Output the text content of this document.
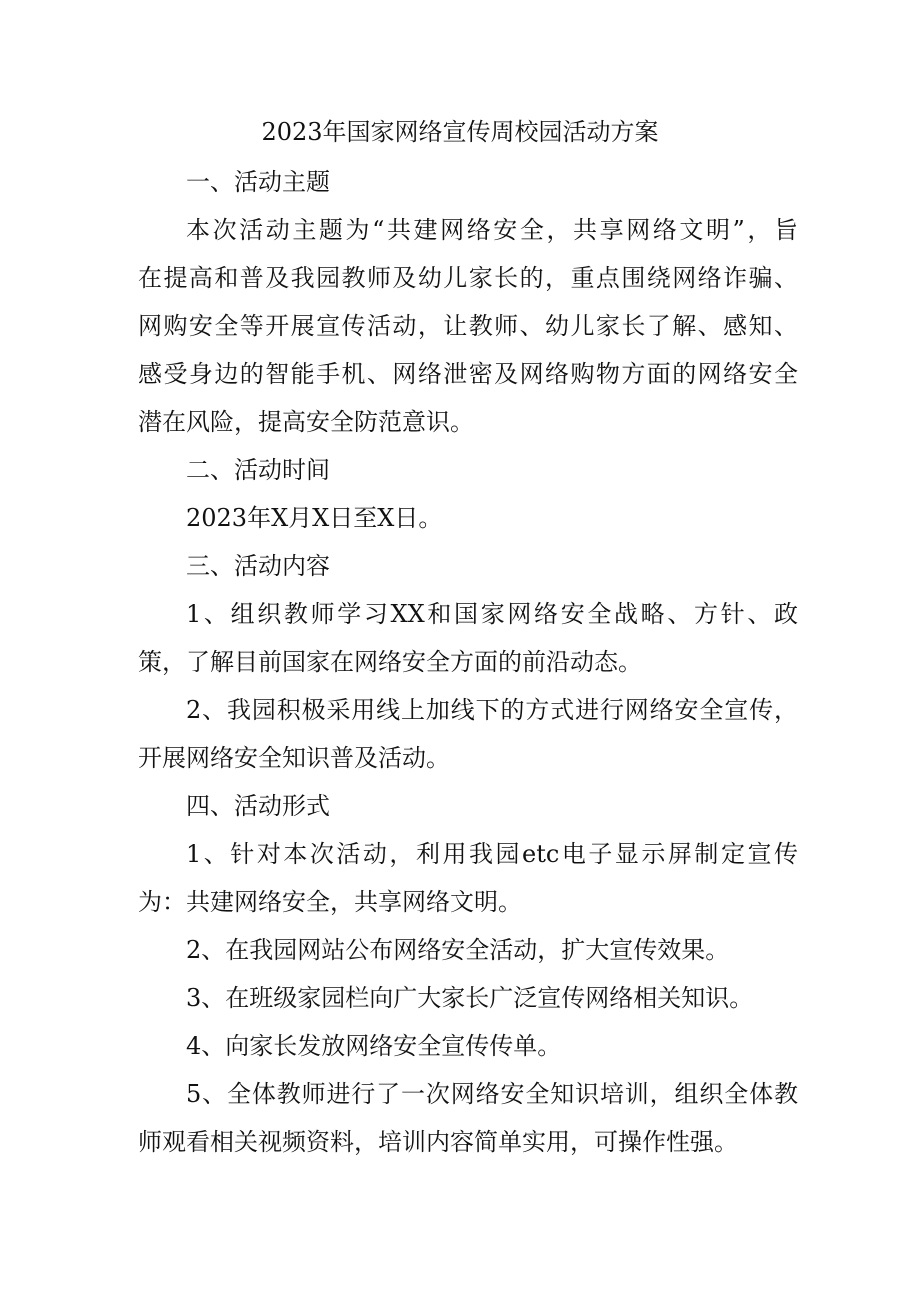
2023年国家网络宣传周校园活动方案
一、活动主题
本次活动主题为“共建网络安全，共享网络文明”，旨
在提高和普及我园教师及幼儿家长的，重点围绕网络诈骗、
网购安全等开展宣传活动，让教师、幼儿家长了解、感知、
感受身边的智能手机、网络泄密及网络购物方面的网络安全
潜在风险，提高安全防范意识。
二、活动时间
2023年X月X日至X日。
三、活动内容
1、组织教师学习XX和国家网络安全战略、方针、政
策，了解目前国家在网络安全方面的前沿动态。
2、我园积极采用线上加线下的方式进行网络安全宣传，
开展网络安全知识普及活动。
四、活动形式
1、针对本次活动，利用我园etc电子显示屏制定宣传
为：共建网络安全，共享网络文明。
2、在我园网站公布网络安全活动，扩大宣传效果。
3、在班级家园栏向广大家长广泛宣传网络相关知识。
4、向家长发放网络安全宣传传单。
5、全体教师进行了一次网络安全知识培训，组织全体教
师观看相关视频资料，培训内容简单实用，可操作性强。
